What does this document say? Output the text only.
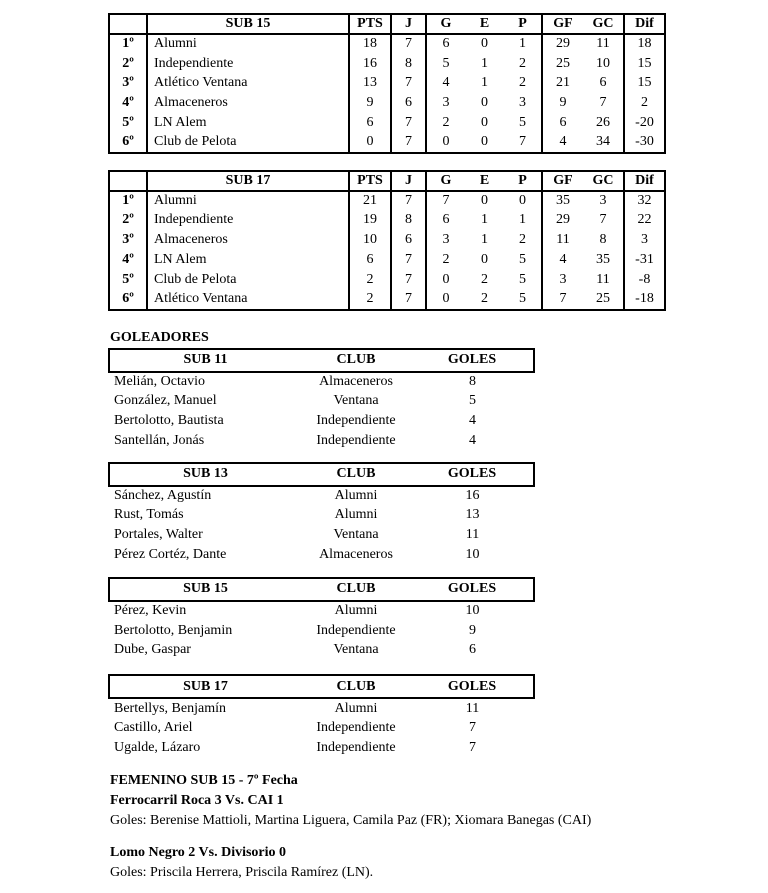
	SUB 15	PTS	J	G	E	P	GF	GC	Dif
1º	Alumni	18	7	6	0	1	29	11	18
2º	Independiente	16	8	5	1	2	25	10	15
3º	Atlético Ventana	13	7	4	1	2	21	6	15
4º	Almaceneros	9	6	3	0	3	9	7	2
5º	LN Alem	6	7	2	0	5	6	26	-20
6º	Club de Pelota	0	7	0	0	7	4	34	-30
	SUB 17	PTS	J	G	E	P	GF	GC	Dif
1º	Alumni	21	7	7	0	0	35	3	32
2º	Independiente	19	8	6	1	1	29	7	22
3º	Almaceneros	10	6	3	1	2	11	8	3
4º	LN Alem	6	7	2	0	5	4	35	-31
5º	Club de Pelota	2	7	0	2	5	3	11	-8
6º	Atlético Ventana	2	7	0	2	5	7	25	-18
GOLEADORES
SUB 11	CLUB	GOLES
Melián, Octavio	Almaceneros	8
González, Manuel	Ventana	5
Bertolotto, Bautista	Independiente	4
Santellán, Jonás	Independiente	4
SUB 13	CLUB	GOLES
Sánchez, Agustín	Alumni	16
Rust, Tomás	Alumni	13
Portales, Walter	Ventana	11
Pérez Cortéz, Dante	Almaceneros	10
SUB 15	CLUB	GOLES
Pérez, Kevin	Alumni	10
Bertolotto, Benjamin	Independiente	9
Dube, Gaspar	Ventana	6
SUB 17	CLUB	GOLES
Bertellys, Benjamín	Alumni	11
Castillo, Ariel	Independiente	7
Ugalde, Lázaro	Independiente	7
FEMENINO SUB 15 - 7º Fecha
Ferrocarril Roca 3 Vs. CAI 1
Goles: Berenise Mattioli, Martina Liguera, Camila Paz (FR); Xiomara Banegas (CAI)
Lomo Negro 2 Vs. Divisorio 0
Goles: Priscila Herrera, Priscila Ramírez (LN).
